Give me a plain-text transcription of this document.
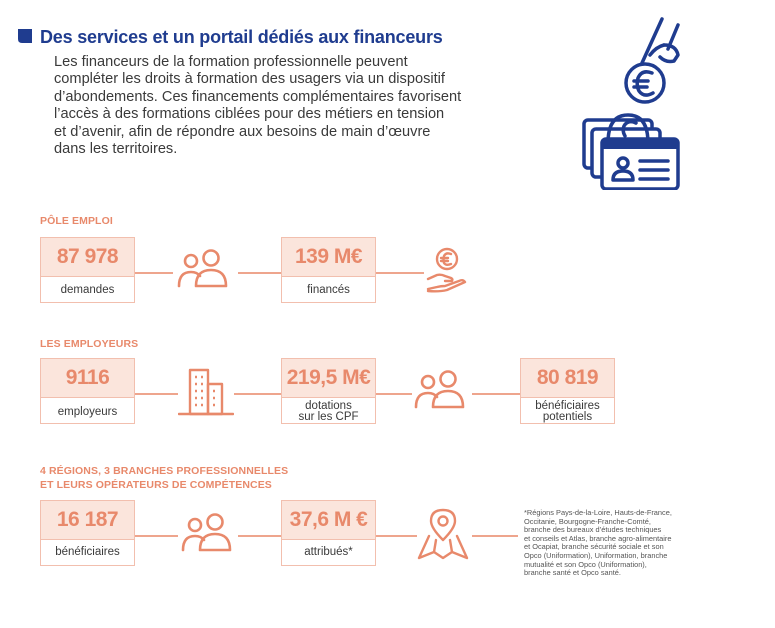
Des services et un portail dédiés aux financeurs
Les financeurs de la formation professionnelle peuvent
compléter les droits à formation des usagers via un dispositif
d’abondements. Ces financements complémentaires favorisent
l’accès à des formations ciblées pour des métiers en tension
et d’avenir, afin de répondre aux besoins de main d’œuvre
dans les territoires.
PÔLE EMPLOI
87 978
demandes
139 M€
financés
LES EMPLOYEURS
9116
employeurs
219,5 M€
dotations
sur les CPF
80 819
bénéficiaires
potentiels
4 RÉGIONS, 3 BRANCHES PROFESSIONNELLES
ET LEURS OPÉRATEURS DE COMPÉTENCES
16 187
bénéficiaires
37,6 M €
attribués*
*Régions Pays-de-la-Loire, Hauts-de-France,
Occitanie, Bourgogne-Franche-Comté,
branche des bureaux d’études techniques
et conseils et Atlas, branche agro-alimentaire
et Ocapiat, branche sécurité sociale et son
Opco (Uniformation), Uniformation, branche
mutualité et son Opco (Uniformation),
branche santé et Opco santé.
